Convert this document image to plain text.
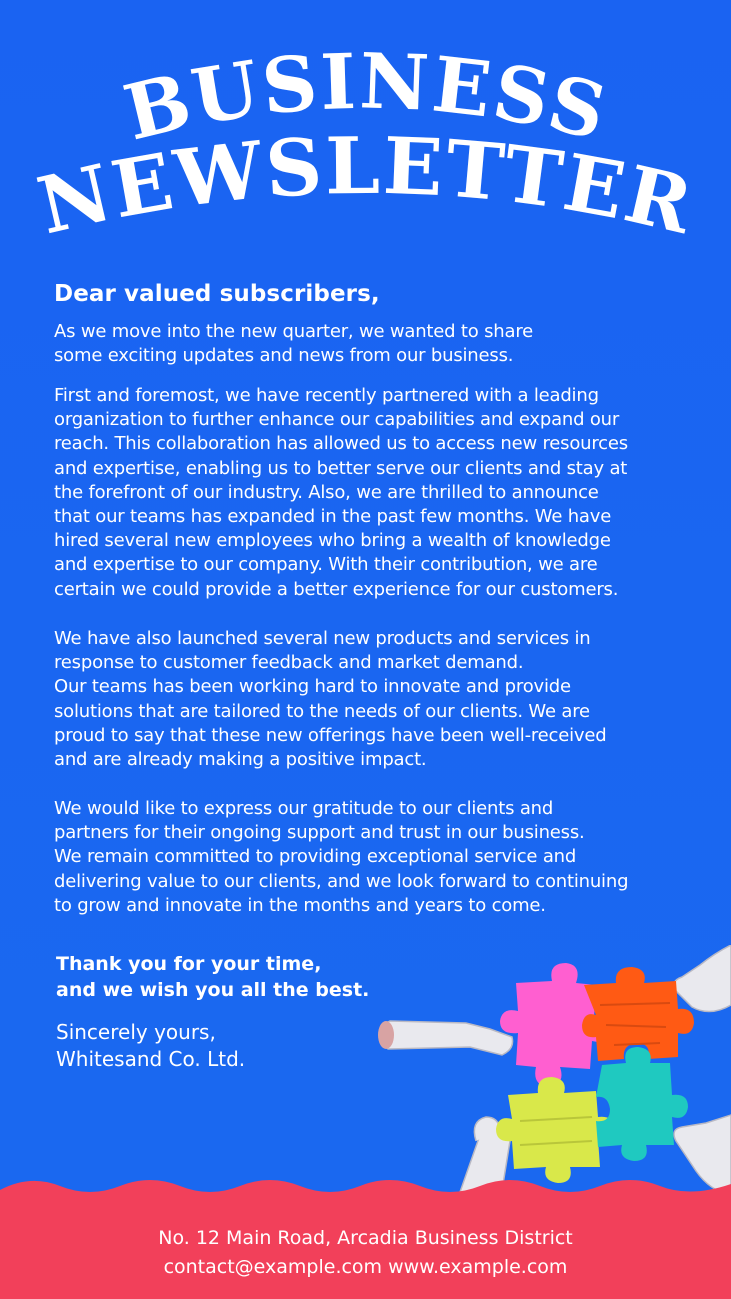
BUSINESS
NEWSLETTER
Dear valued subscribers,

As we move into the new quarter, we wanted to share
some exciting updates and news from our business.

First and foremost, we have recently partnered with a leading
organization to further enhance our capabilities and expand our
reach. This collaboration has allowed us to access new resources
and expertise, enabling us to better serve our clients and stay at
the forefront of our industry. Also, we are thrilled to announce
that our teams has expanded in the past few months. We have
hired several new employees who bring a wealth of knowledge
and expertise to our company. With their contribution, we are
certain we could provide a better experience for our customers.

We have also launched several new products and services in
response to customer feedback and market demand.
Our teams has been working hard to innovate and provide
solutions that are tailored to the needs of our clients. We are
proud to say that these new offerings have been well-received
and are already making a positive impact.

We would like to express our gratitude to our clients and
partners for their ongoing support and trust in our business.
We remain committed to providing exceptional service and
delivering value to our clients, and we look forward to continuing
to grow and innovate in the months and years to come.

Thank you for your time,
and we wish you all the best.

Sincerely yours,
Whitesand Co. Ltd.

No. 12 Main Road, Arcadia Business District
contact@example.com www.example.com
